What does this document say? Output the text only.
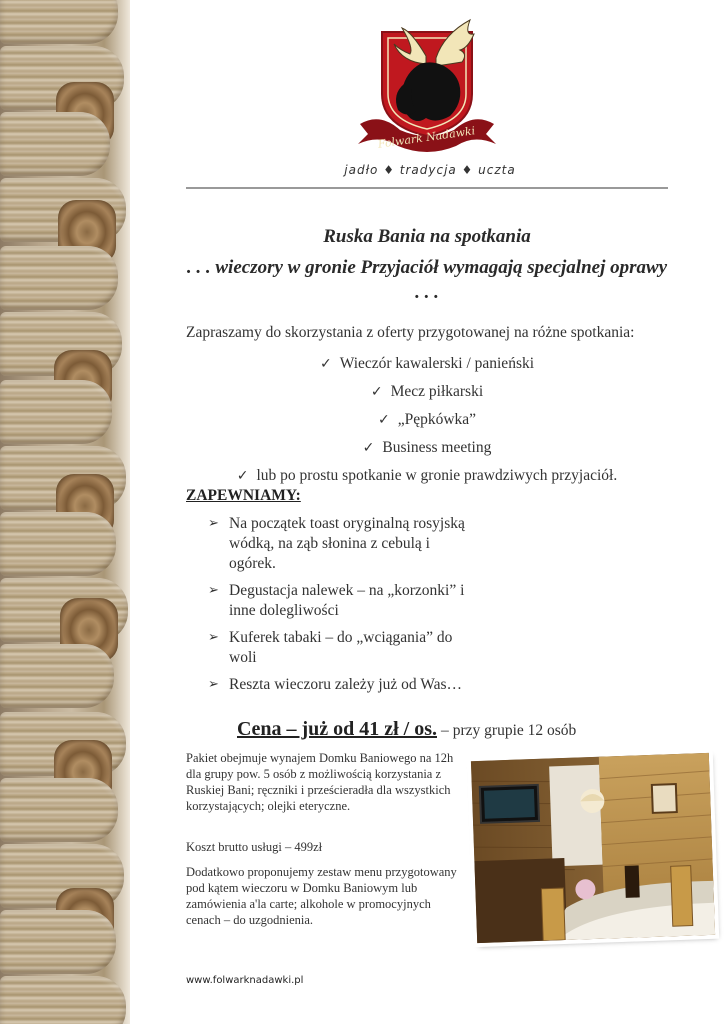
Folwark Nadawki
jadło ♦ tradycja ♦ uczta
Ruska Bania na spotkania
. . . wieczory w gronie Przyjaciół wymagają specjalnej oprawy . . .
Zapraszamy do skorzystania z oferty przygotowanej na różne spotkania:
✓ Wieczór kawalerski / panieński
✓ Mecz piłkarski
✓ „Pępkówka”
✓ Business meeting
✓ lub po prostu spotkanie w gronie prawdziwych przyjaciół.
ZAPEWNIAMY:
➢ Na początek toast oryginalną rosyjską wódką, na ząb słonina z cebulą i ogórek.
➢ Degustacja nalewek – na „korzonki” i inne dolegliwości
➢ Kuferek tabaki – do „wciągania” do woli
➢ Reszta wieczoru zależy już od Was…
Cena – już od 41 zł / os. – przy grupie 12 osób
Pakiet obejmuje wynajem Domku Baniowego na 12h dla grupy pow. 5 osób z możliwością korzystania z Ruskiej Bani; ręczniki i prześcieradła dla wszystkich korzystających; olejki eteryczne.
Koszt brutto usługi – 499zł
Dodatkowo proponujemy zestaw menu przygotowany pod kątem wieczoru w Domku Baniowym lub zamówienia a'la carte; alkohole w promocyjnych cenach – do uzgodnienia.
www.folwarknadawki.pl
